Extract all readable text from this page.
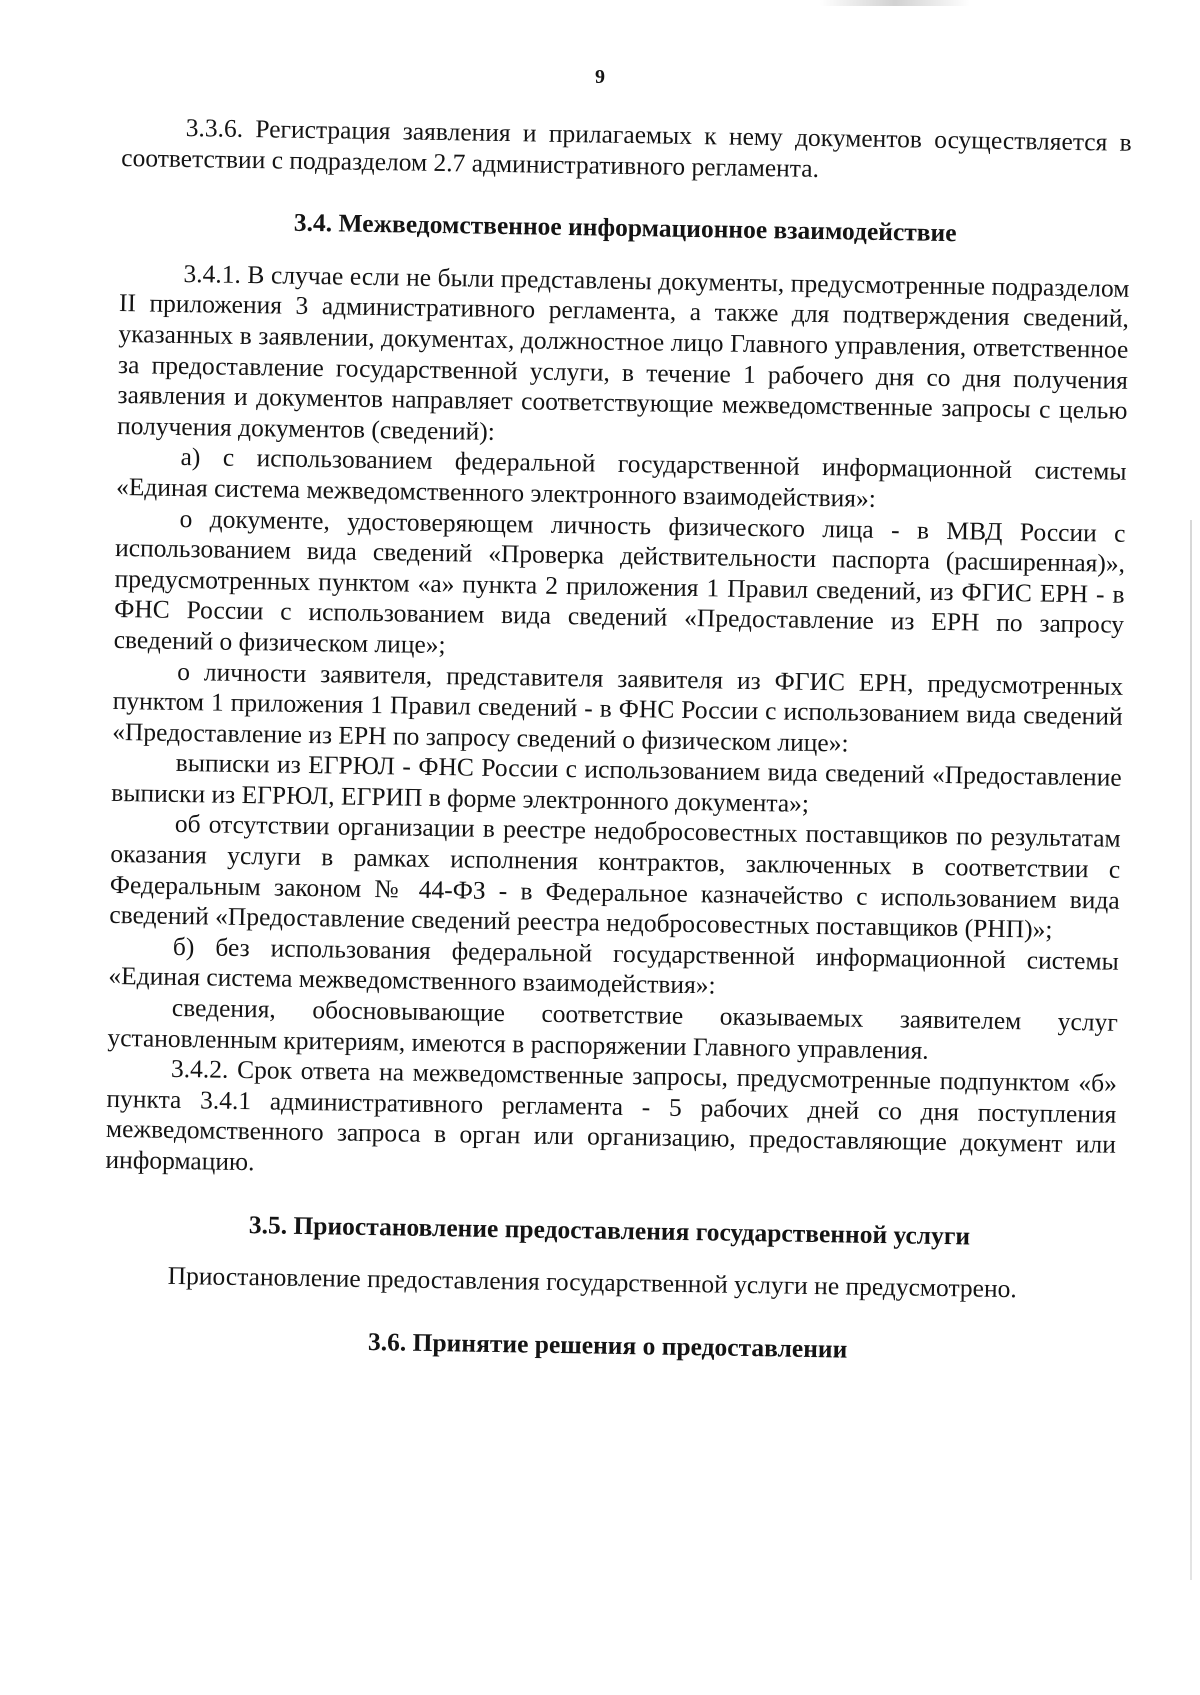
9

3.3.6. Регистрация заявления и прилагаемых к нему документов осуществляется в соответствии с подразделом 2.7 административного регламента.

3.4. Межведомственное информационное взаимодействие

3.4.1. В случае если не были представлены документы, предусмотренные подразделом II приложения 3 административного регламента, а также для подтверждения сведений, указанных в заявлении, документах, должностное лицо Главного управления, ответственное за предоставление государственной услуги, в течение 1 рабочего дня со дня получения заявления и документов направляет соответствующие межведомственные запросы с целью получения документов (сведений):

а) с использованием федеральной государственной информационной системы «Единая система межведомственного электронного взаимодействия»:

о документе, удостоверяющем личность физического лица - в МВД России с использованием вида сведений «Проверка действительности паспорта (расширенная)», предусмотренных пунктом «а» пункта 2 приложения 1 Правил сведений, из ФГИС ЕРН - в ФНС России с использованием вида сведений «Предоставление из ЕРН по запросу сведений о физическом лице»;

о личности заявителя, представителя заявителя из ФГИС ЕРН, предусмотренных пунктом 1 приложения 1 Правил сведений - в ФНС России с использованием вида сведений «Предоставление из ЕРН по запросу сведений о физическом лице»:

выписки из ЕГРЮЛ - ФНС России с использованием вида сведений «Предоставление выписки из ЕГРЮЛ, ЕГРИП в форме электронного документа»;

об отсутствии организации в реестре недобросовестных поставщиков по результатам оказания услуги в рамках исполнения контрактов, заключенных в соответствии с Федеральным законом № 44-ФЗ - в Федеральное казначейство с использованием вида сведений «Предоставление сведений реестра недобросовестных поставщиков (РНП)»;

б) без использования федеральной государственной информационной системы «Единая система межведомственного взаимодействия»:

сведения, обосновывающие соответствие оказываемых заявителем услуг установленным критериям, имеются в распоряжении Главного управления.

3.4.2. Срок ответа на межведомственные запросы, предусмотренные подпунктом «б» пункта 3.4.1 административного регламента - 5 рабочих дней со дня поступления межведомственного запроса в орган или организацию, предоставляющие документ или информацию.

3.5. Приостановление предоставления государственной услуги

Приостановление предоставления государственной услуги не предусмотрено.

3.6. Принятие решения о предоставлении
